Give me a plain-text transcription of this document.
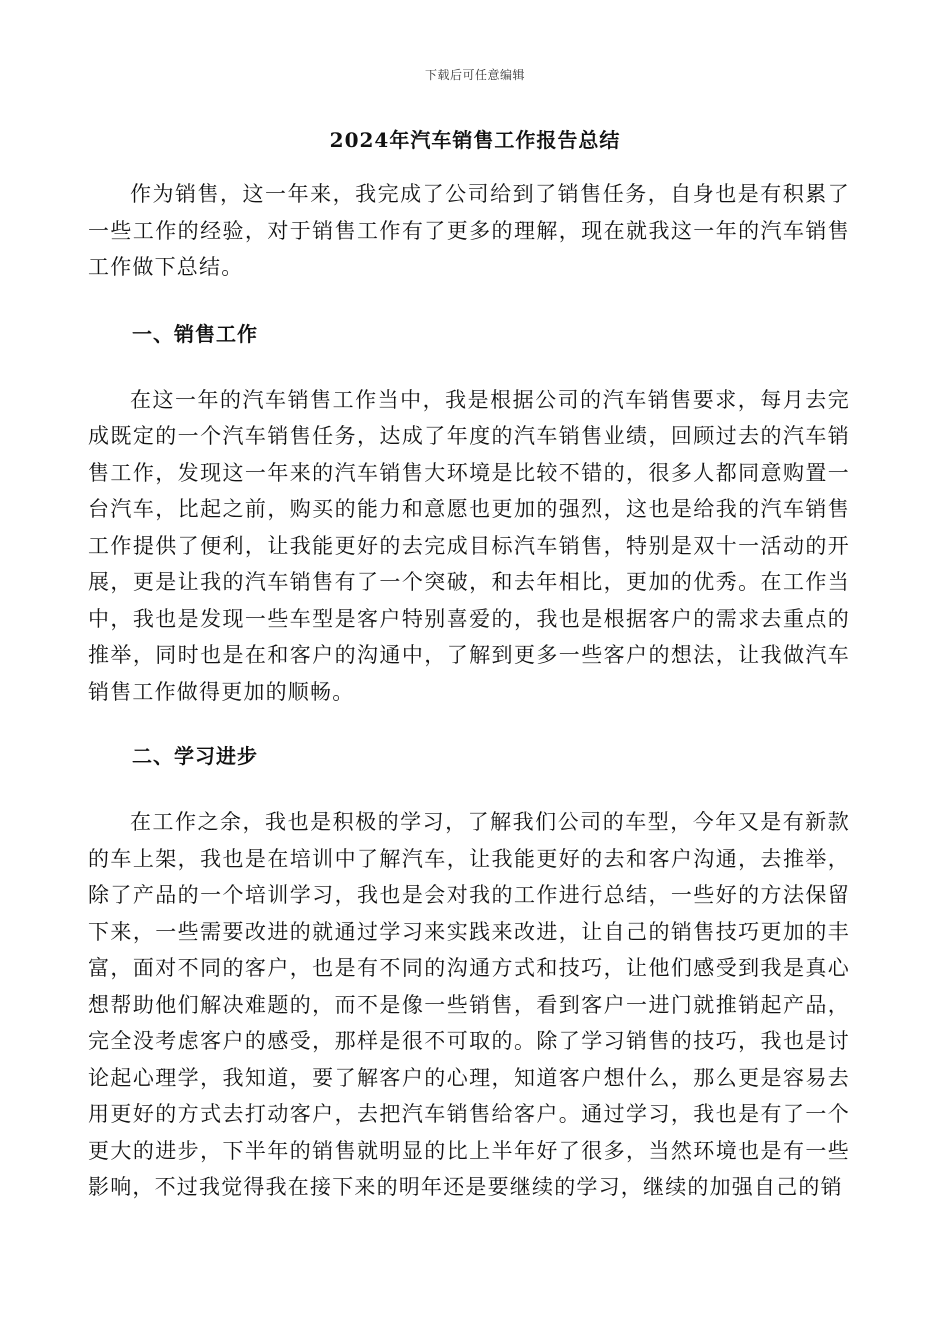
下载后可任意编辑
2024年汽车销售工作报告总结

作为销售，这一年来，我完成了公司给到了销售任务，自身也是有积累了一些工作的经验，对于销售工作有了更多的理解，现在就我这一年的汽车销售工作做下总结。

一、销售工作

在这一年的汽车销售工作当中，我是根据公司的汽车销售要求，每月去完成既定的一个汽车销售任务，达成了年度的汽车销售业绩，回顾过去的汽车销售工作，发现这一年来的汽车销售大环境是比较不错的，很多人都同意购置一台汽车，比起之前，购买的能力和意愿也更加的强烈，这也是给我的汽车销售工作提供了便利，让我能更好的去完成目标汽车销售，特别是双十一活动的开展，更是让我的汽车销售有了一个突破，和去年相比，更加的优秀。在工作当中，我也是发现一些车型是客户特别喜爱的，我也是根据客户的需求去重点的推举，同时也是在和客户的沟通中，了解到更多一些客户的想法，让我做汽车销售工作做得更加的顺畅。

二、学习进步

在工作之余，我也是积极的学习，了解我们公司的车型，今年又是有新款的车上架，我也是在培训中了解汽车，让我能更好的去和客户沟通，去推举，除了产品的一个培训学习，我也是会对我的工作进行总结，一些好的方法保留下来，一些需要改进的就通过学习来实践来改进，让自己的销售技巧更加的丰富，面对不同的客户，也是有不同的沟通方式和技巧，让他们感受到我是真心想帮助他们解决难题的，而不是像一些销售，看到客户一进门就推销起产品，完全没考虑客户的感受，那样是很不可取的。除了学习销售的技巧，我也是讨论起心理学，我知道，要了解客户的心理，知道客户想什么，那么更是容易去用更好的方式去打动客户，去把汽车销售给客户。通过学习，我也是有了一个更大的进步，下半年的销售就明显的比上半年好了很多，当然环境也是有一些影响，不过我觉得我在接下来的明年还是要继续的学习，继续的加强自己的销
